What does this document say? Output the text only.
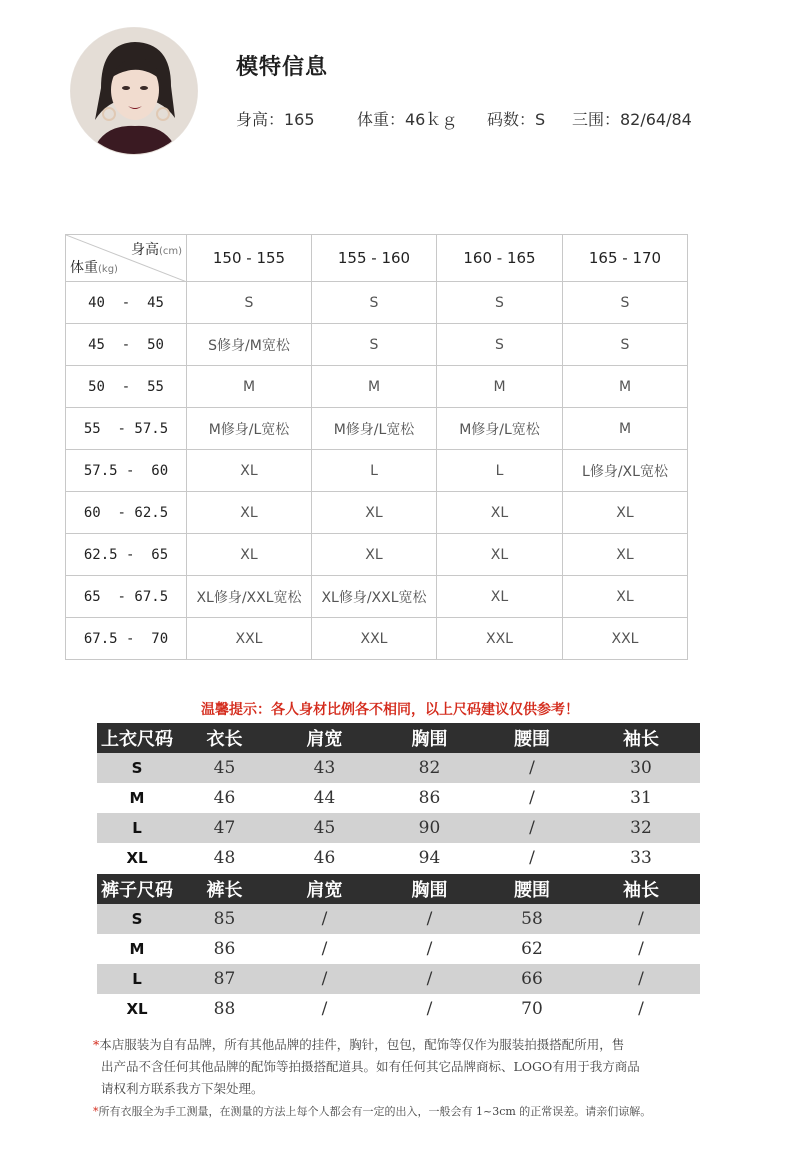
模特信息
身高：165	体重：46ｋｇ 码数：S 三围：82/64/84
身高(cm)
体重(kg)	150 - 155	155 - 160	160 - 165	165 - 170
40  -  45	S	S	S	S
45  -  50	S修身/M宽松	S	S	S
50  -  55	M	M	M	M
55  - 57.5	M修身/L宽松	M修身/L宽松	M修身/L宽松	M
57.5 -  60	XL	L	L	L修身/XL宽松
60  - 62.5	XL	XL	XL	XL
62.5 -  65	XL	XL	XL	XL
65  - 67.5	XL修身/XXL宽松	XL修身/XXL宽松	XL	XL
67.5 -  70	XXL	XXL	XXL	XXL
温馨提示：各人身材比例各不相同，以上尺码建议仅供参考！
上衣尺码	衣长	肩宽	胸围	腰围	袖长
S	45	43	82	/	30
M	46	44	86	/	31
L	47	45	90	/	32
XL	48	46	94	/	33
裤子尺码	裤长	肩宽	胸围	腰围	袖长
S	85	/	/	58	/
M	86	/	/	62	/
L	87	/	/	66	/
XL	88	/	/	70	/
*本店服装为自有品牌，所有其他品牌的挂件，胸针，包包，配饰等仅作为服装拍摄搭配所用，售
出产品不含任何其他品牌的配饰等拍摄搭配道具。如有任何其它品牌商标、LOGO有用于我方商品
请权利方联系我方下架处理。
*所有衣服全为手工测量，在测量的方法上每个人都会有一定的出入，一般会有 1~3cm 的正常误差。请亲们谅解。
